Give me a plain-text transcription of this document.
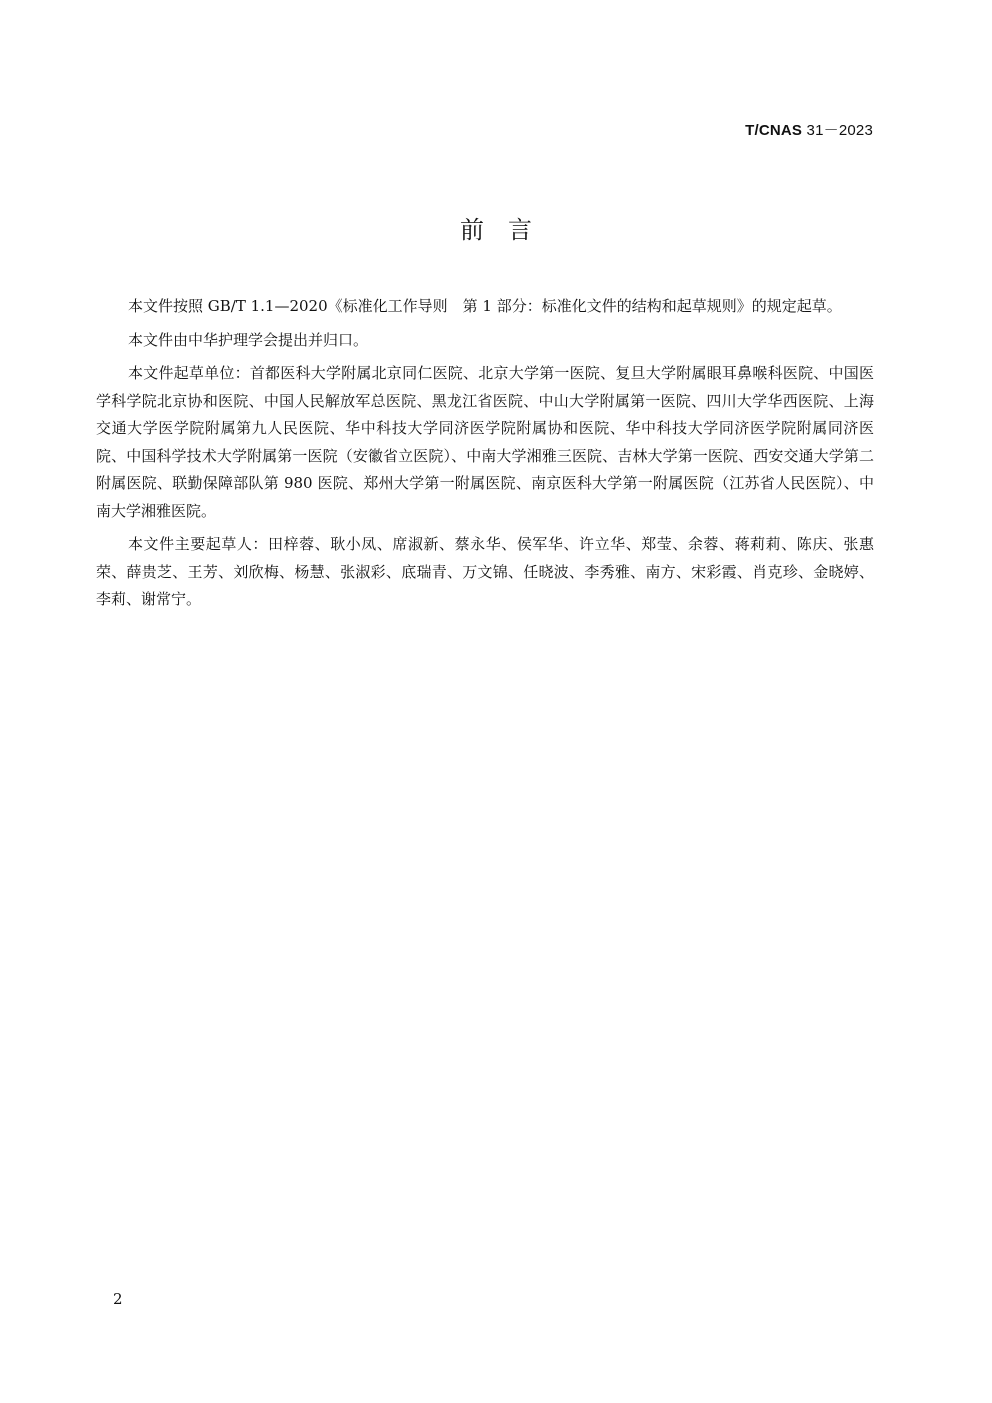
T/CNAS 31－2023
前言

本文件按照 GB/T 1.1—2020《标准化工作导则　第 1 部分：标准化文件的结构和起草规则》的规定起草。

本文件由中华护理学会提出并归口。

本文件起草单位：首都医科大学附属北京同仁医院、北京大学第一医院、复旦大学附属眼耳鼻喉科医院、中国医学科学院北京协和医院、中国人民解放军总医院、黑龙江省医院、中山大学附属第一医院、四川大学华西医院、上海交通大学医学院附属第九人民医院、华中科技大学同济医学院附属协和医院、华中科技大学同济医学院附属同济医院、中国科学技术大学附属第一医院（安徽省立医院）、中南大学湘雅三医院、吉林大学第一医院、西安交通大学第二附属医院、联勤保障部队第 980 医院、郑州大学第一附属医院、南京医科大学第一附属医院（江苏省人民医院）、中南大学湘雅医院。

本文件主要起草人：田梓蓉、耿小凤、席淑新、蔡永华、侯军华、许立华、郑莹、余蓉、蒋莉莉、陈庆、张惠荣、薛贵芝、王芳、刘欣梅、杨慧、张淑彩、底瑞青、万文锦、任晓波、李秀雅、南方、宋彩霞、肖克珍、金晓婷、李莉、谢常宁。

2
